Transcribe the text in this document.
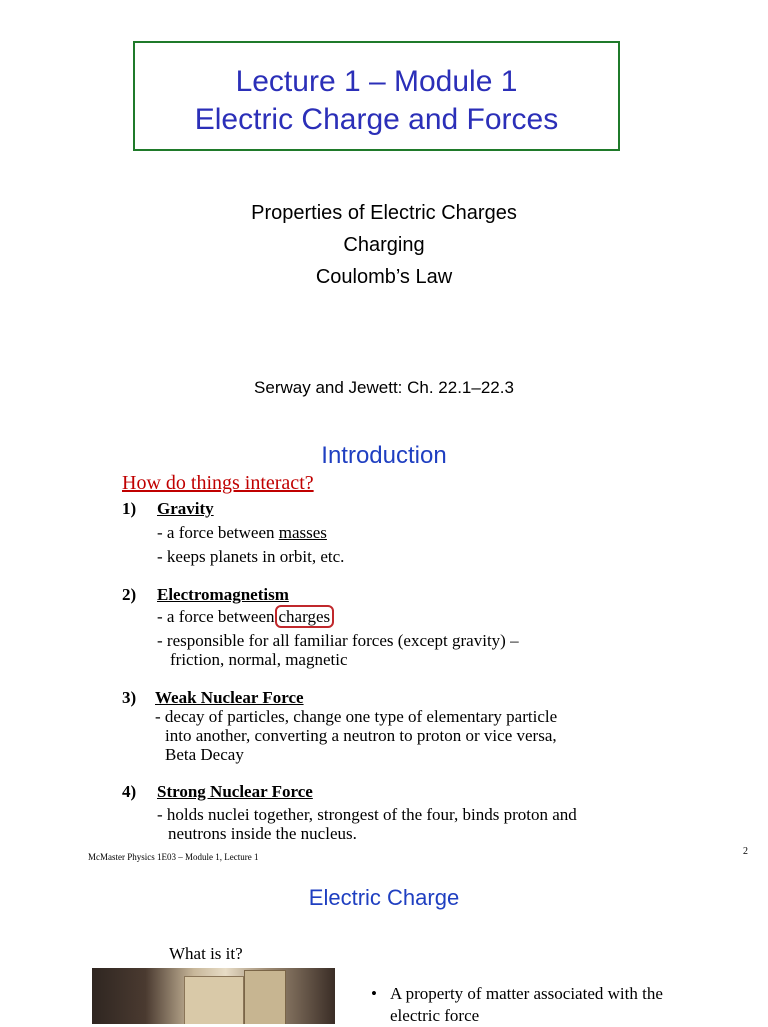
Lecture 1 – Module 1
Electric Charge and Forces
Properties of Electric Charges
Charging
Coulomb’s Law
Serway and Jewett: Ch. 22.1–22.3
Introduction
How do things interact?
1) Gravity
- a force between masses
- keeps planets in orbit, etc.
2) Electromagnetism
- a force between charges
- responsible for all familiar forces (except gravity) –
friction, normal, magnetic
3) Weak Nuclear Force
- decay of particles, change one type of elementary particle
into another, converting a neutron to proton or vice versa,
Beta Decay
4) Strong Nuclear Force
- holds nuclei together, strongest of the four, binds proton and
neutrons inside the nucleus.
McMaster Physics 1E03 – Module 1, Lecture 1	2
Electric Charge
What is it?
• A property of matter associated with the
electric force
